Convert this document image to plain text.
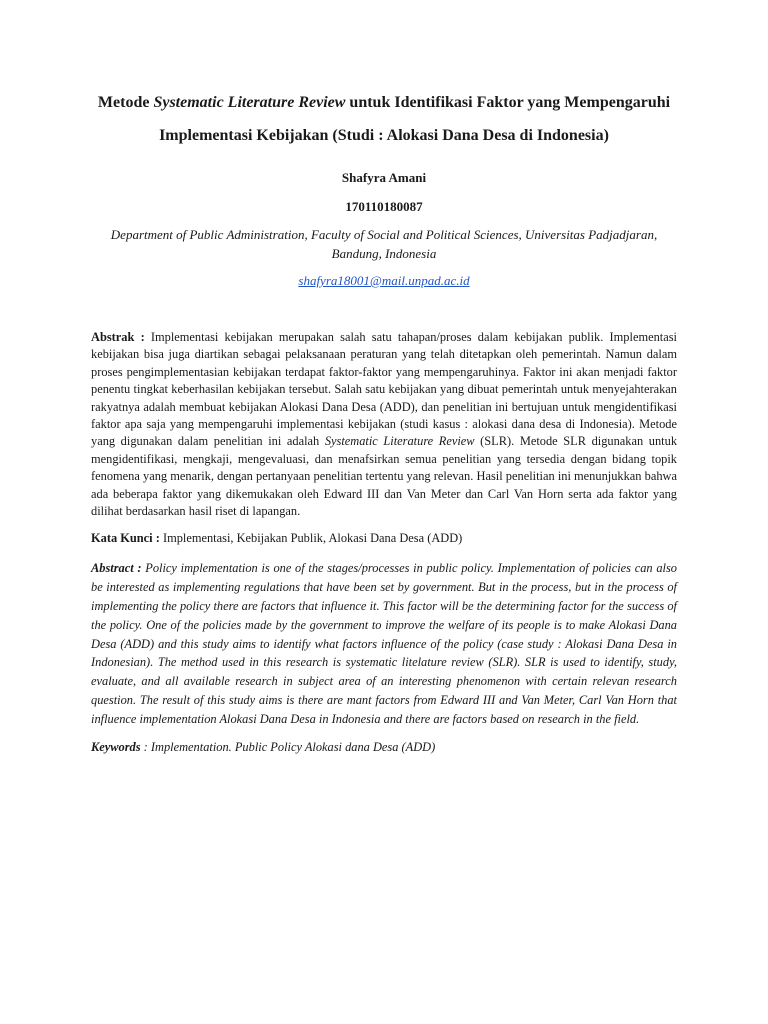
Metode Systematic Literature Review untuk Identifikasi Faktor yang Mempengaruhi Implementasi Kebijakan (Studi : Alokasi Dana Desa di Indonesia)

Shafyra Amani
170110180087
Department of Public Administration, Faculty of Social and Political Sciences, Universitas Padjadjaran, Bandung, Indonesia
shafyra18001@mail.unpad.ac.id
Abstrak : Implementasi kebijakan merupakan salah satu tahapan/proses dalam kebijakan publik. Implementasi kebijakan bisa juga diartikan sebagai pelaksanaan peraturan yang telah ditetapkan oleh pemerintah. Namun dalam proses pengimplementasian kebijakan terdapat faktor-faktor yang mempengaruhinya. Faktor ini akan menjadi faktor penentu tingkat keberhasilan kebijakan tersebut. Salah satu kebijakan yang dibuat pemerintah untuk menyejahterakan rakyatnya adalah membuat kebijakan Alokasi Dana Desa (ADD), dan penelitian ini bertujuan untuk mengidentifikasi faktor apa saja yang mempengaruhi implementasi kebijakan (studi kasus : alokasi dana desa di Indonesia). Metode yang digunakan dalam penelitian ini adalah Systematic Literature Review (SLR). Metode SLR digunakan untuk mengidentifikasi, mengkaji, mengevaluasi, dan menafsirkan semua penelitian yang tersedia dengan bidang topik fenomena yang menarik, dengan pertanyaan penelitian tertentu yang relevan. Hasil penelitian ini menunjukkan bahwa ada beberapa faktor yang dikemukakan oleh Edward III dan Van Meter dan Carl Van Horn serta ada faktor yang dilihat berdasarkan hasil riset di lapangan.
Kata Kunci : Implementasi, Kebijakan Publik, Alokasi Dana Desa (ADD)
Abstract : Policy implementation is one of the stages/processes in public policy. Implementation of policies can also be interested as implementing regulations that have been set by government. But in the process, but in the process of implementing the policy there are factors that influence it. This factor will be the determining factor for the success of the policy. One of the policies made by the government to improve the welfare of its people is to make Alokasi Dana Desa (ADD) and this study aims to identify what factors influence of the policy (case study : Alokasi Dana Desa in Indonesian). The method used in this research is systematic litelature review (SLR). SLR is used to identify, study, evaluate, and all available research in subject area of an interesting phenomenon with certain relevan research question. The result of this study aims is there are mant factors from Edward III and Van Meter, Carl Van Horn that influence implementation Alokasi Dana Desa in Indonesia and there are factors based on research in the field.
Keywords : Implementation. Public Policy Alokasi dana Desa (ADD)
